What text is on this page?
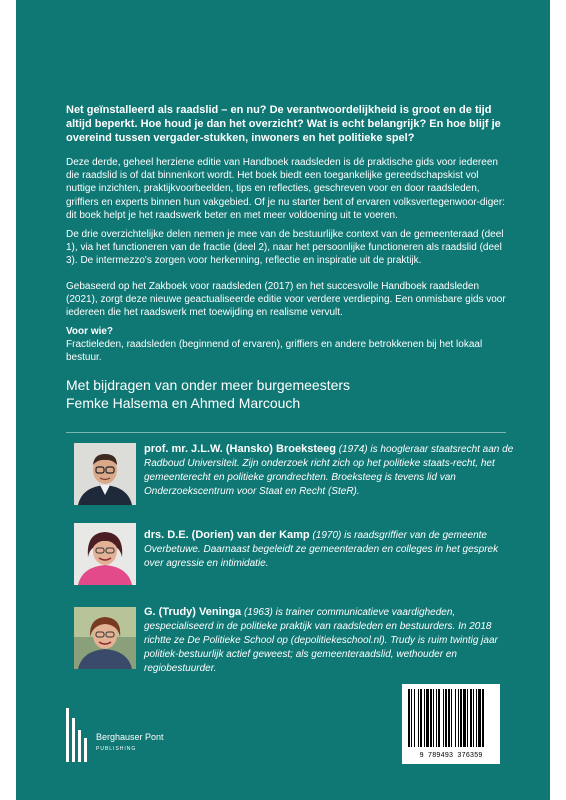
Net geïnstalleerd als raadslid – en nu? De verantwoordelijkheid is groot en de tijd altijd beperkt. Hoe houd je dan het overzicht? Wat is echt belangrijk? En hoe blijf je overeind tussen vergader-stukken, inwoners en het politieke spel?

Deze derde, geheel herziene editie van Handboek raadsleden is dé praktische gids voor iedereen die raadslid is of dat binnenkort wordt. Het boek biedt een toegankelijke gereedschapskist vol nuttige inzichten, praktijkvoorbeelden, tips en reflecties, geschreven voor en door raadsleden, griffiers en experts binnen hun vakgebied. Of je nu starter bent of ervaren volksvertegenwoor-diger: dit boek helpt je het raadswerk beter en met meer voldoening uit te voeren.

De drie overzichtelijke delen nemen je mee van de bestuurlijke context van de gemeenteraad (deel 1), via het functioneren van de fractie (deel 2), naar het persoonlijke functioneren als raadslid (deel 3). De intermezzo's zorgen voor herkenning, reflectie en inspiratie uit de praktijk.

Gebaseerd op het Zakboek voor raadsleden (2017) en het succesvolle Handboek raadsleden (2021), zorgt deze nieuwe geactualiseerde editie voor verdere verdieping. Een onmisbare gids voor iedereen die het raadswerk met toewijding en realisme vervult.

Voor wie?
Fractieleden, raadsleden (beginnend of ervaren), griffiers en andere betrokkenen bij het lokaal bestuur.
Met bijdragen van onder meer burgemeesters Femke Halsema en Ahmed Marcouch
prof. mr. J.L.W. (Hansko) Broeksteeg (1974) is hoogleraar staatsrecht aan de Radboud Universiteit. Zijn onderzoek richt zich op het politieke staats-recht, het gemeenterecht en politieke grondrechten. Broeksteeg is tevens lid van Onderzoekscentrum voor Staat en Recht (SteR).
drs. D.E. (Dorien) van der Kamp (1970) is raadsgriffier van de gemeente Overbetuwe. Daarnaast begeleidt ze gemeenteraden en colleges in het gesprek over agressie en intimidatie.
G. (Trudy) Veninga (1963) is trainer communicatieve vaardigheden, gespecialiseerd in de politieke praktijk van raadsleden en bestuurders. In 2018 richtte ze De Politieke School op (depolitiekeschool.nl). Trudy is ruim twintig jaar politiek-bestuurlijk actief geweest; als gemeenteraadslid, wethouder en regiobestuurder.
Berghauser Pont
PUBLISHING
9 789493 376359
